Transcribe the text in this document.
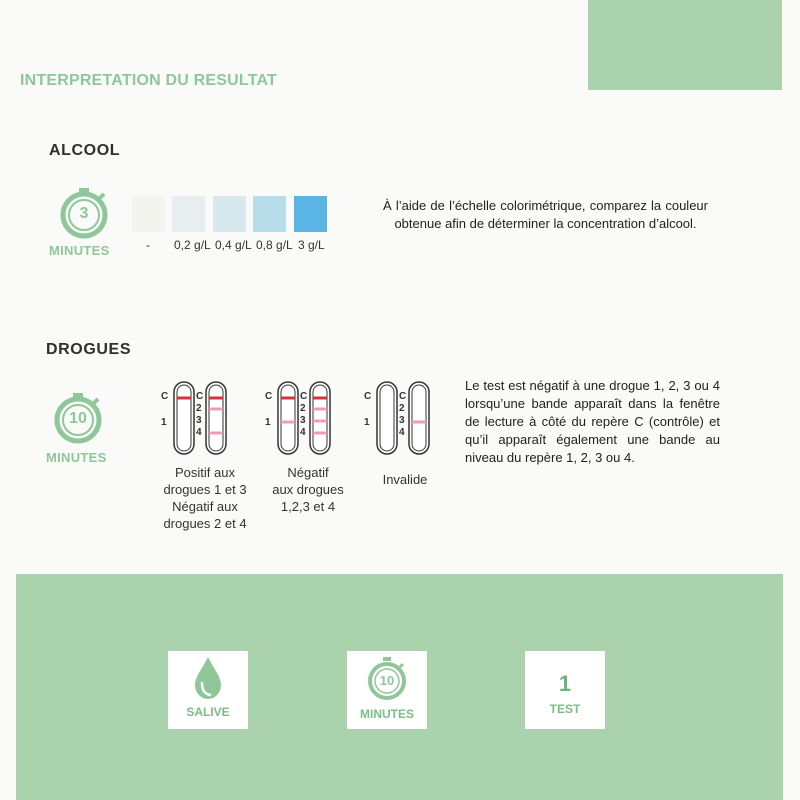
INTERPRETATION DU RESULTAT
ALCOOL
3
MINUTES	- 0,2 g/L 0,4 g/L 0,8 g/L 3 g/L
À l’aide de l’échelle colorimétrique, comparez la couleur obtenue afin de déterminer la concentration d’alcool.
DROGUES
10
MINUTES
C
1
C
2
3
4
Positif aux
drogues 1 et 3
Négatif aux
drogues 2 et 4
C
1
C
2
3
4
Négatif
aux drogues
1,2,3 et 4
C
1
C
2
3
4
Invalide
Le test est négatif à une drogue 1, 2, 3 ou 4 lorsqu’une bande apparaît dans la fenêtre de lecture à côté du repère C (contrôle) et qu’il apparaît également une bande au niveau du repère 1, 2, 3 ou 4.
SALIVE
10
MINUTES
1
TEST
